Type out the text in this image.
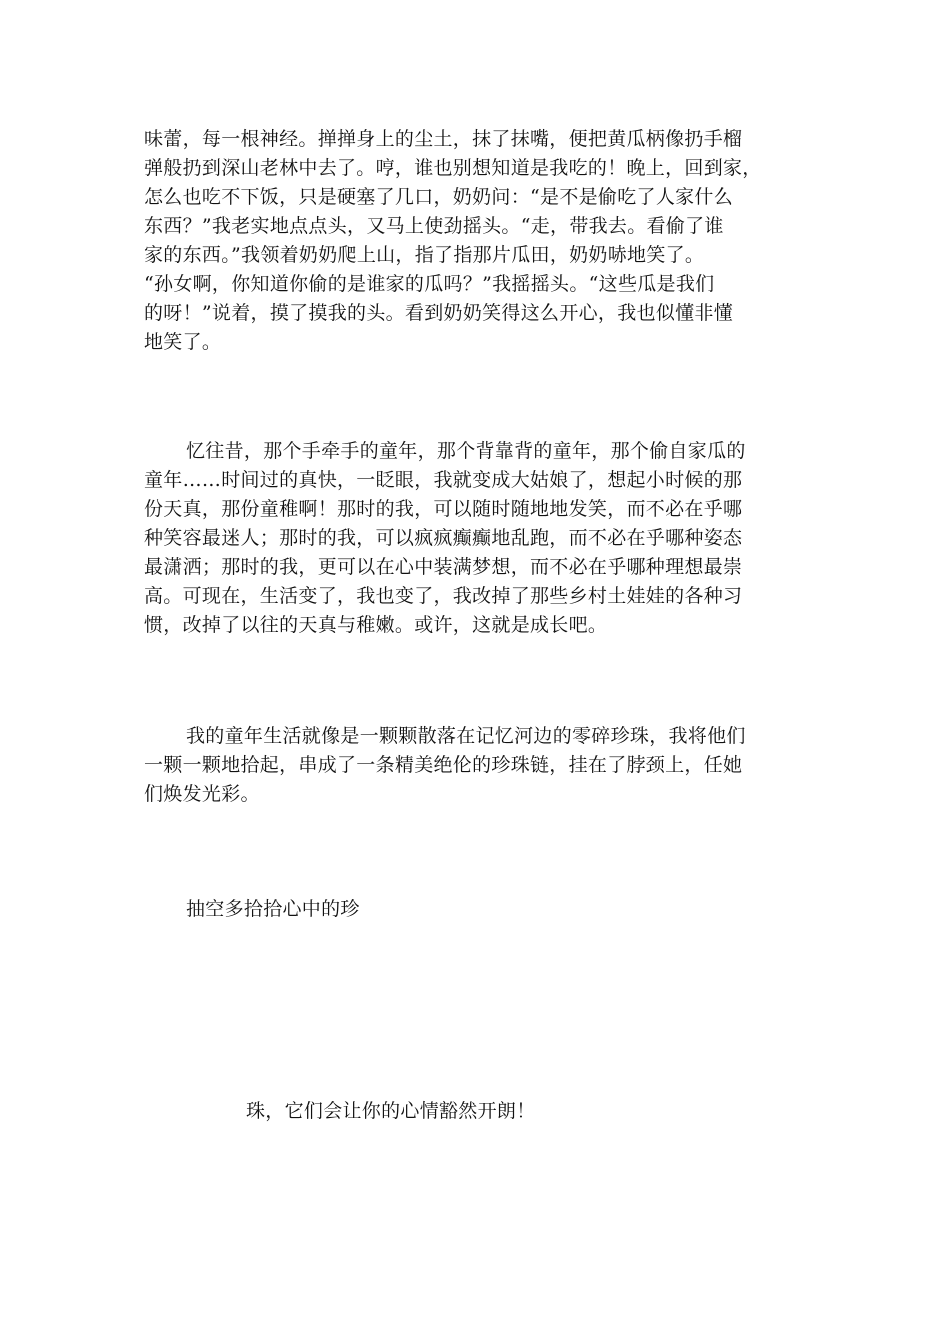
味蕾，每一根神经。掸掸身上的尘土，抹了抹嘴，便把黄瓜柄像扔手榴
弹般扔到深山老林中去了。哼，谁也别想知道是我吃的！晚上，回到家，
怎么也吃不下饭，只是硬塞了几口，奶奶问：“是不是偷吃了人家什么
东西？”我老实地点点头，又马上使劲摇头。“走，带我去。看偷了谁
家的东西。”我领着奶奶爬上山，指了指那片瓜田，奶奶哧地笑了。
“孙女啊，你知道你偷的是谁家的瓜吗？”我摇摇头。“这些瓜是我们
的呀！”说着，摸了摸我的头。看到奶奶笑得这么开心，我也似懂非懂
地笑了。
忆往昔，那个手牵手的童年，那个背靠背的童年，那个偷自家瓜的
童年……时间过的真快，一眨眼，我就变成大姑娘了，想起小时候的那
份天真，那份童稚啊！那时的我，可以随时随地地发笑，而不必在乎哪
种笑容最迷人；那时的我，可以疯疯癫癫地乱跑，而不必在乎哪种姿态
最潇洒；那时的我，更可以在心中装满梦想，而不必在乎哪种理想最崇
高。可现在，生活变了，我也变了，我改掉了那些乡村土娃娃的各种习
惯，改掉了以往的天真与稚嫩。或许，这就是成长吧。
我的童年生活就像是一颗颗散落在记忆河边的零碎珍珠，我将他们
一颗一颗地拾起，串成了一条精美绝伦的珍珠链，挂在了脖颈上，任她
们焕发光彩。
抽空多拾拾心中的珍
珠，它们会让你的心情豁然开朗！
